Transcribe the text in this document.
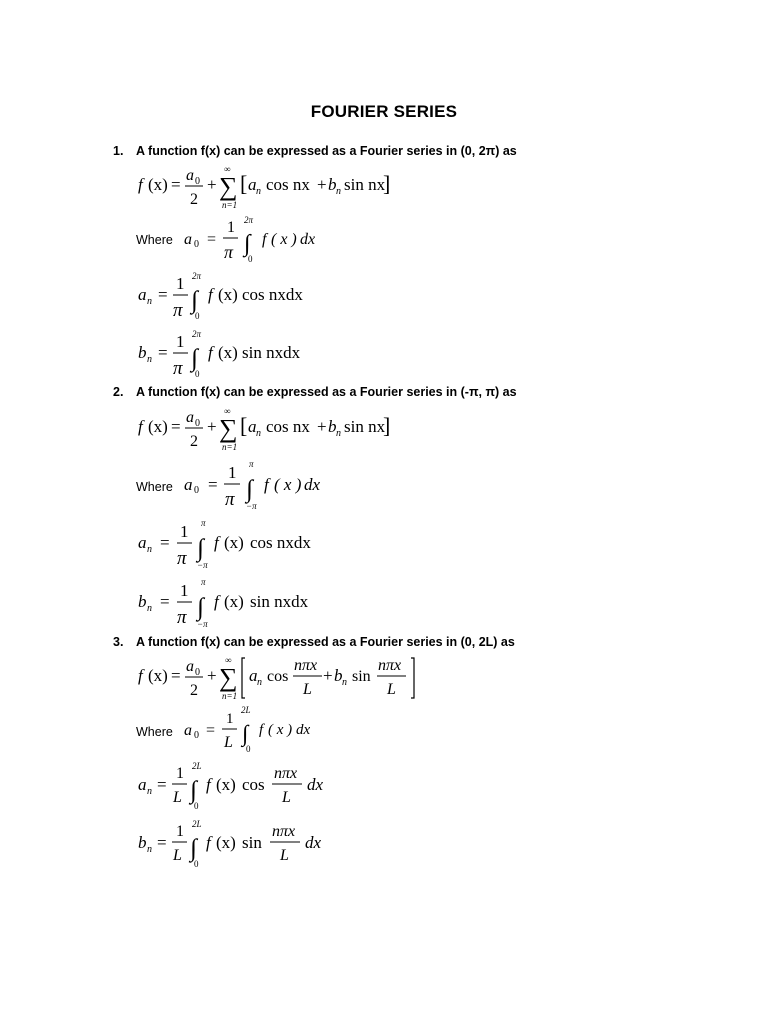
FOURIER SERIES
1. A function f(x) can be expressed as a Fourier series in (0, 2π) as
f (x) = a 0
2
+
∞
∑
n=1
[ a n cos nx + b n sin nx
]
Where a 0 =
1
π
2π
∫
0
f ( x ) dx
a n =
1
π
2π
∫
0
f (x) cos nxdx
b n =
1
π
2π
∫
0
f (x) sin nxdx
2. A function f(x) can be expressed as a Fourier series in (-π, π) as
f (x) = a 0
2
+
∞
∑
n=1
[ a n cos nx + b n sin nx
]
Where a 0 =
1
π
π
∫
−π
f ( x ) dx
a n =
1
π
π
∫
−π
f (x) cos nxdx
b n =
1
π
π
∫
−π
f (x) sin nxdx
3. A function f(x) can be expressed as a Fourier series in (0, 2L) as
f (x) = a 0
2
+
∞
∑
n=1
a n cos
nπx
L
+ b n sin
nπx
L
Where a 0 =
1
L
2L
∫
0
f ( x ) dx
a n =
1
L
2L
∫
0
f (x) cos
nπx
L
dx
b n =
1
L
2L
∫
0
f (x) sin
nπx
L
dx
